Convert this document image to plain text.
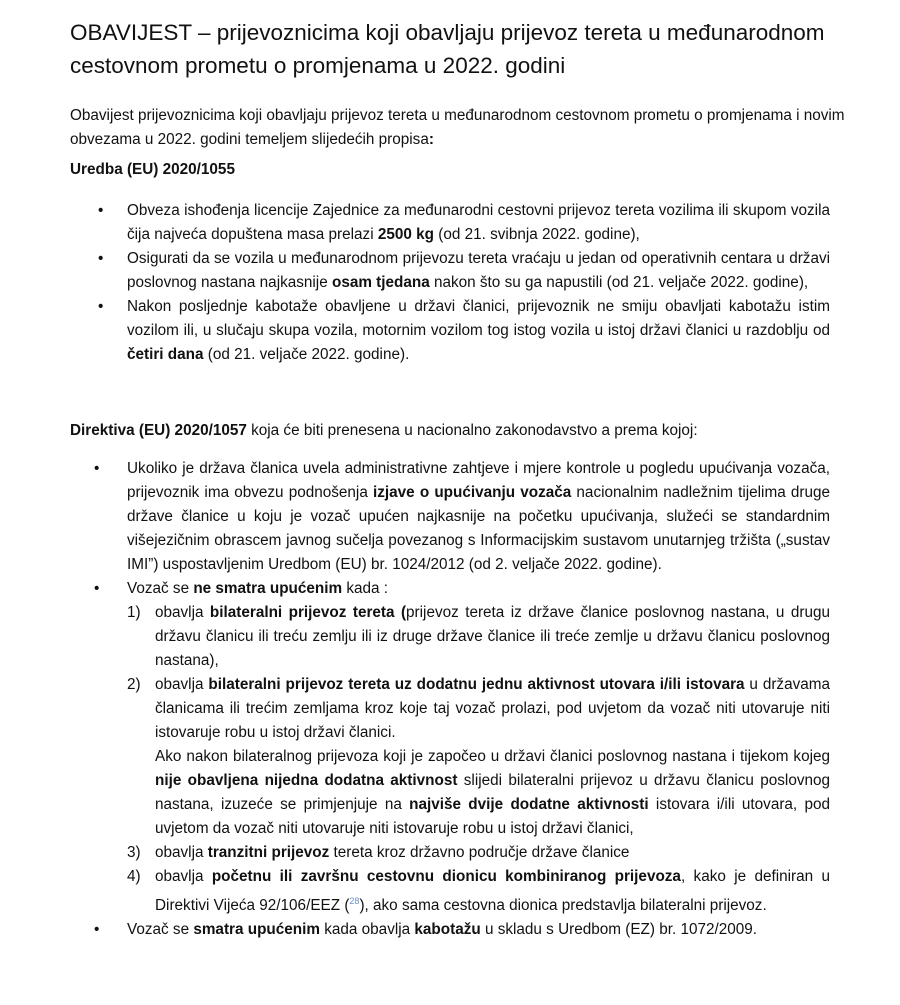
OBAVIJEST – prijevoznicima koji obavljaju prijevoz tereta u međunarodnom cestovnom prometu o promjenama u 2022. godini

Obavijest prijevoznicima koji obavljaju prijevoz tereta u međunarodnom cestovnom prometu o promjenama i novim obvezama u 2022. godini temeljem slijedećih propisa:

Uredba (EU) 2020/1055

• Obveza ishođenja licencije Zajednice za međunarodni cestovni prijevoz tereta vozilima ili skupom vozila čija najveća dopuštena masa prelazi 2500 kg (od 21. svibnja 2022. godine),
• Osigurati da se vozila u međunarodnom prijevozu tereta vraćaju u jedan od operativnih centara u državi poslovnog nastana najkasnije osam tjedana nakon što su ga napustili (od 21. veljače 2022. godine),
• Nakon posljednje kabotaže obavljene u državi članici, prijevoznik ne smiju obavljati kabotažu istim vozilom ili, u slučaju skupa vozila, motornim vozilom tog istog vozila u istoj državi članici u razdoblju od četiri dana (od 21. veljače 2022. godine).

Direktiva (EU) 2020/1057 koja će biti prenesena u nacionalno zakonodavstvo a prema kojoj:

• Ukoliko je država članica uvela administrativne zahtjeve i mjere kontrole u pogledu upućivanja vozača, prijevoznik ima obvezu podnošenja izjave o upućivanju vozača nacionalnim nadležnim tijelima druge države članice u koju je vozač upućen najkasnije na početku upućivanja, služeći se standardnim višejezičnim obrascem javnog sučelja povezanog s Informacijskim sustavom unutarnjeg tržišta („sustav IMI”) uspostavljenim Uredbom (EU) br. 1024/2012 (od 2. veljače 2022. godine).
• Vozač se ne smatra upućenim kada :
1) obavlja bilateralni prijevoz tereta (prijevoz tereta iz države članice poslovnog nastana, u drugu državu članicu ili treću zemlju ili iz druge države članice ili treće zemlje u državu članicu poslovnog nastana),
2) obavlja bilateralni prijevoz tereta uz dodatnu jednu aktivnost utovara i/ili istovara u državama članicama ili trećim zemljama kroz koje taj vozač prolazi, pod uvjetom da vozač niti utovaruje niti istovaruje robu u istoj državi članici.

Ako nakon bilateralnog prijevoza koji je započeo u državi članici poslovnog nastana i tijekom kojeg nije obavljena nijedna dodatna aktivnost slijedi bilateralni prijevoz u državu članicu poslovnog nastana, izuzeće se primjenjuje na najviše dvije dodatne aktivnosti istovara i/ili utovara, pod uvjetom da vozač niti utovaruje niti istovaruje robu u istoj državi članici,

3) obavlja tranzitni prijevoz tereta kroz državno područje države članice
4) obavlja početnu ili završnu cestovnu dionicu kombiniranog prijevoza, kako je definiran u Direktivi Vijeća 92/106/EEZ ($^{28}$), ako sama cestovna dionica predstavlja bilateralni prijevoz.
• Vozač se smatra upućenim kada obavlja kabotažu u skladu s Uredbom (EZ) br. 1072/2009.
